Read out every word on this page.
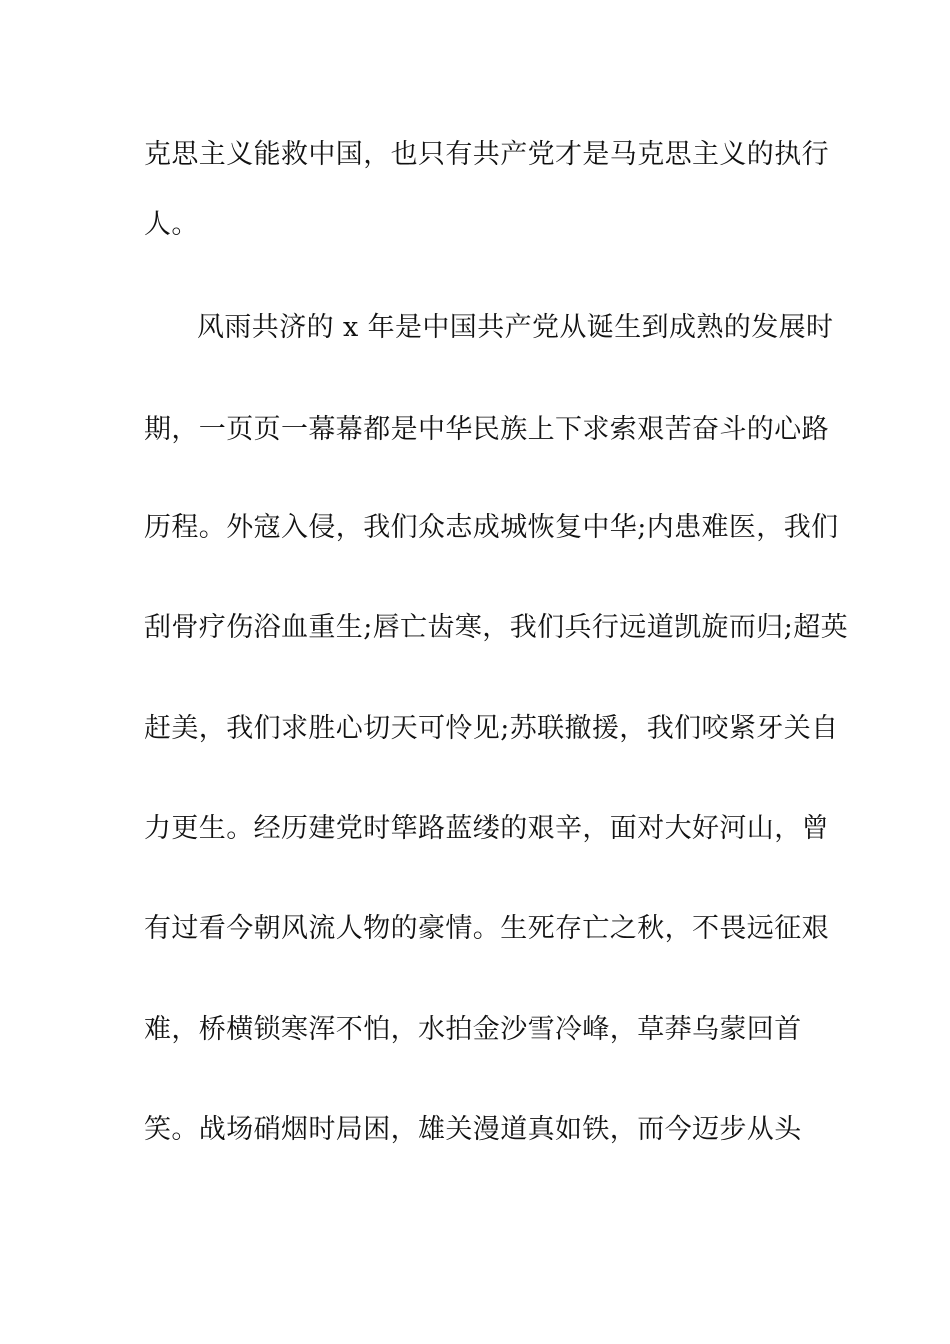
克思主义能救中国，也只有共产党才是马克思主义的执行
人。
风雨共济的 x 年是中国共产党从诞生到成熟的发展时
期，一页页一幕幕都是中华民族上下求索艰苦奋斗的心路
历程。外寇入侵，我们众志成城恢复中华;内患难医，我们
刮骨疗伤浴血重生;唇亡齿寒，我们兵行远道凯旋而归;超英
赶美，我们求胜心切天可怜见;苏联撤援，我们咬紧牙关自
力更生。经历建党时筚路蓝缕的艰辛，面对大好河山，曾
有过看今朝风流人物的豪情。生死存亡之秋，不畏远征艰
难，桥横锁寒浑不怕，水拍金沙雪冷峰，草莽乌蒙回首
笑。战场硝烟时局困，雄关漫道真如铁，而今迈步从头
